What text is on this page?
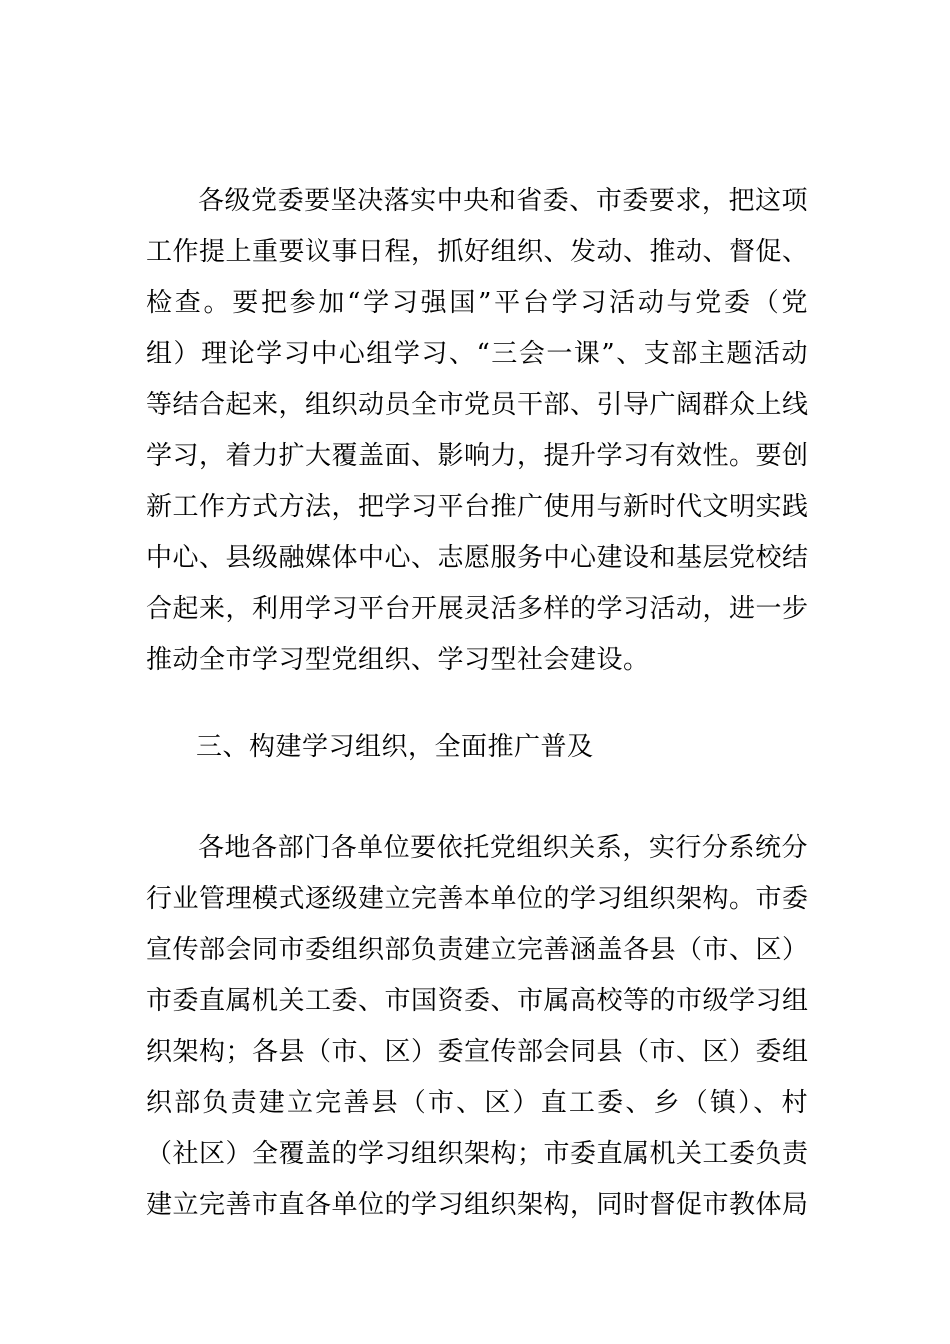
各级党委要坚决落实中央和省委、市委要求，把这项
工作提上重要议事日程，抓好组织、发动、推动、督促、
检查。要把参加“学习强国”平台学习活动与党委（党
组）理论学习中心组学习、“三会一课”、支部主题活动
等结合起来，组织动员全市党员干部、引导广阔群众上线
学习，着力扩大覆盖面、影响力，提升学习有效性。要创
新工作方式方法，把学习平台推广使用与新时代文明实践
中心、县级融媒体中心、志愿服务中心建设和基层党校结
合起来，利用学习平台开展灵活多样的学习活动，进一步
推动全市学习型党组织、学习型社会建设。

三、构建学习组织，全面推广普及

各地各部门各单位要依托党组织关系，实行分系统分
行业管理模式逐级建立完善本单位的学习组织架构。市委
宣传部会同市委组织部负责建立完善涵盖各县（市、区）
市委直属机关工委、市国资委、市属高校等的市级学习组
织架构；各县（市、区）委宣传部会同县（市、区）委组
织部负责建立完善县（市、区）直工委、乡（镇）、村
（社区）全覆盖的学习组织架构；市委直属机关工委负责
建立完善市直各单位的学习组织架构，同时督促市教体局
